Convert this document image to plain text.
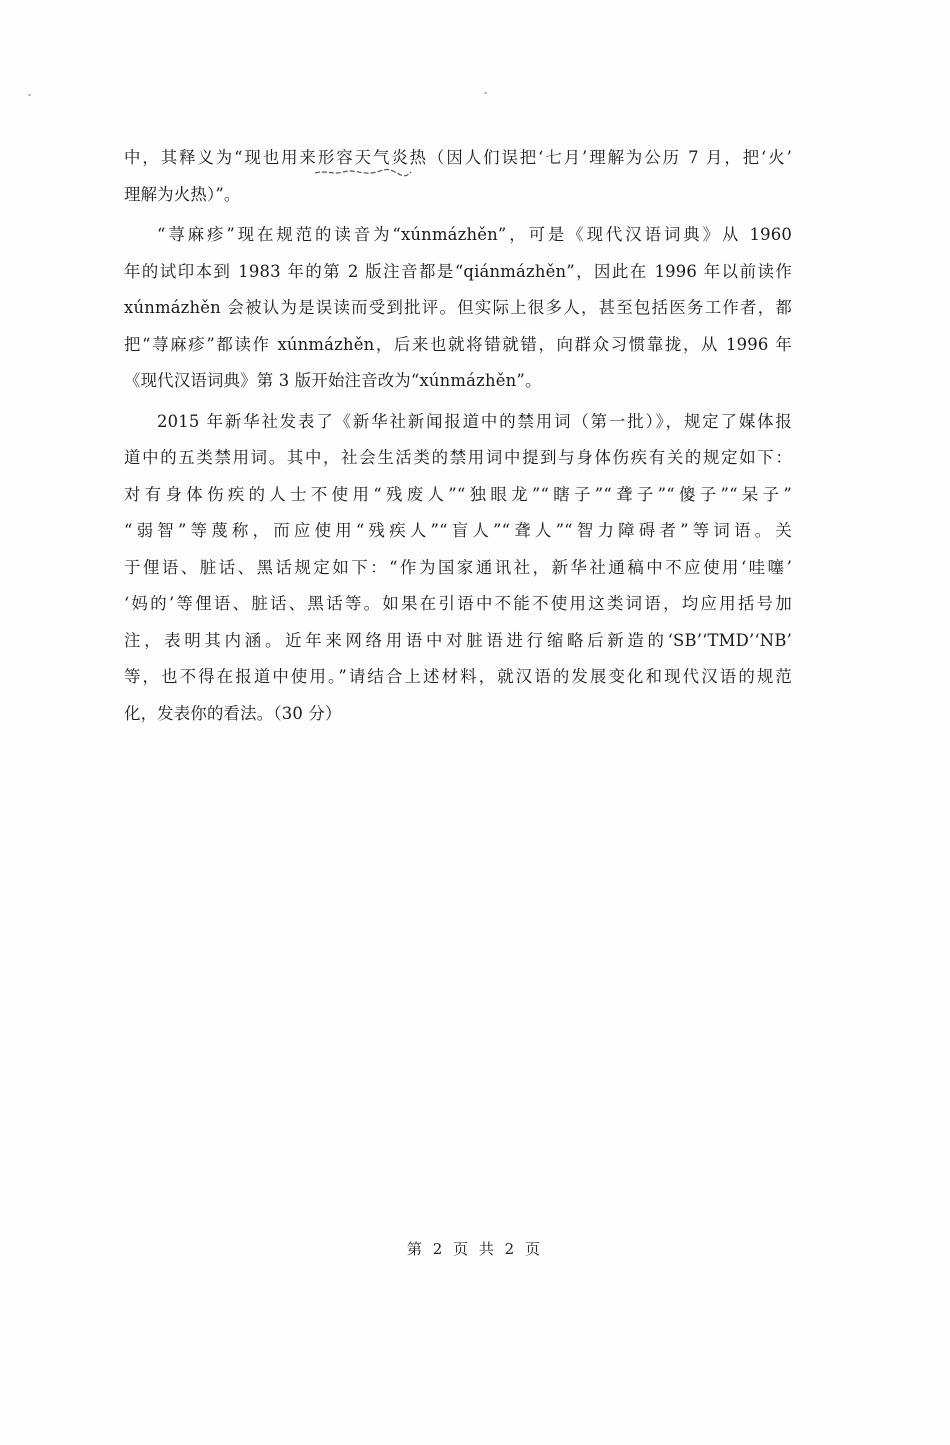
中，其释义为“现也用来形容天气炎热（因人们误把‘七月’理解为公历 7 月，把‘火’
理解为火热）”。
“荨麻疹”现在规范的读音为“xúnmázhěn”，可是《现代汉语词典》从 1960
年的试印本到 1983 年的第 2 版注音都是“qiánmázhěn”，因此在 1996 年以前读作
xúnmázhěn 会被认为是误读而受到批评。但实际上很多人，甚至包括医务工作者，都
把“荨麻疹”都读作 xúnmázhěn，后来也就将错就错，向群众习惯靠拢，从 1996 年
《现代汉语词典》第 3 版开始注音改为“xúnmázhěn”。
2015 年新华社发表了《新华社新闻报道中的禁用词（第一批）》，规定了媒体报
道中的五类禁用词。其中，社会生活类的禁用词中提到与身体伤疾有关的规定如下：
对有身体伤疾的人士不使用“残废人”“独眼龙”“瞎子”“聋子”“傻子”“呆子”
“弱智”等蔑称，而应使用“残疾人”“盲人”“聋人”“智力障碍者”等词语。关
于俚语、脏话、黑话规定如下：“作为国家通讯社，新华社通稿中不应使用‘哇噻’
‘妈的’等俚语、脏话、黑话等。如果在引语中不能不使用这类词语，均应用括号加
注，表明其内涵。近年来网络用语中对脏语进行缩略后新造的‘SB’‘TMD’‘NB’
等，也不得在报道中使用。”请结合上述材料，就汉语的发展变化和现代汉语的规范
化，发表你的看法。（30 分）
第 2 页 共 2 页
